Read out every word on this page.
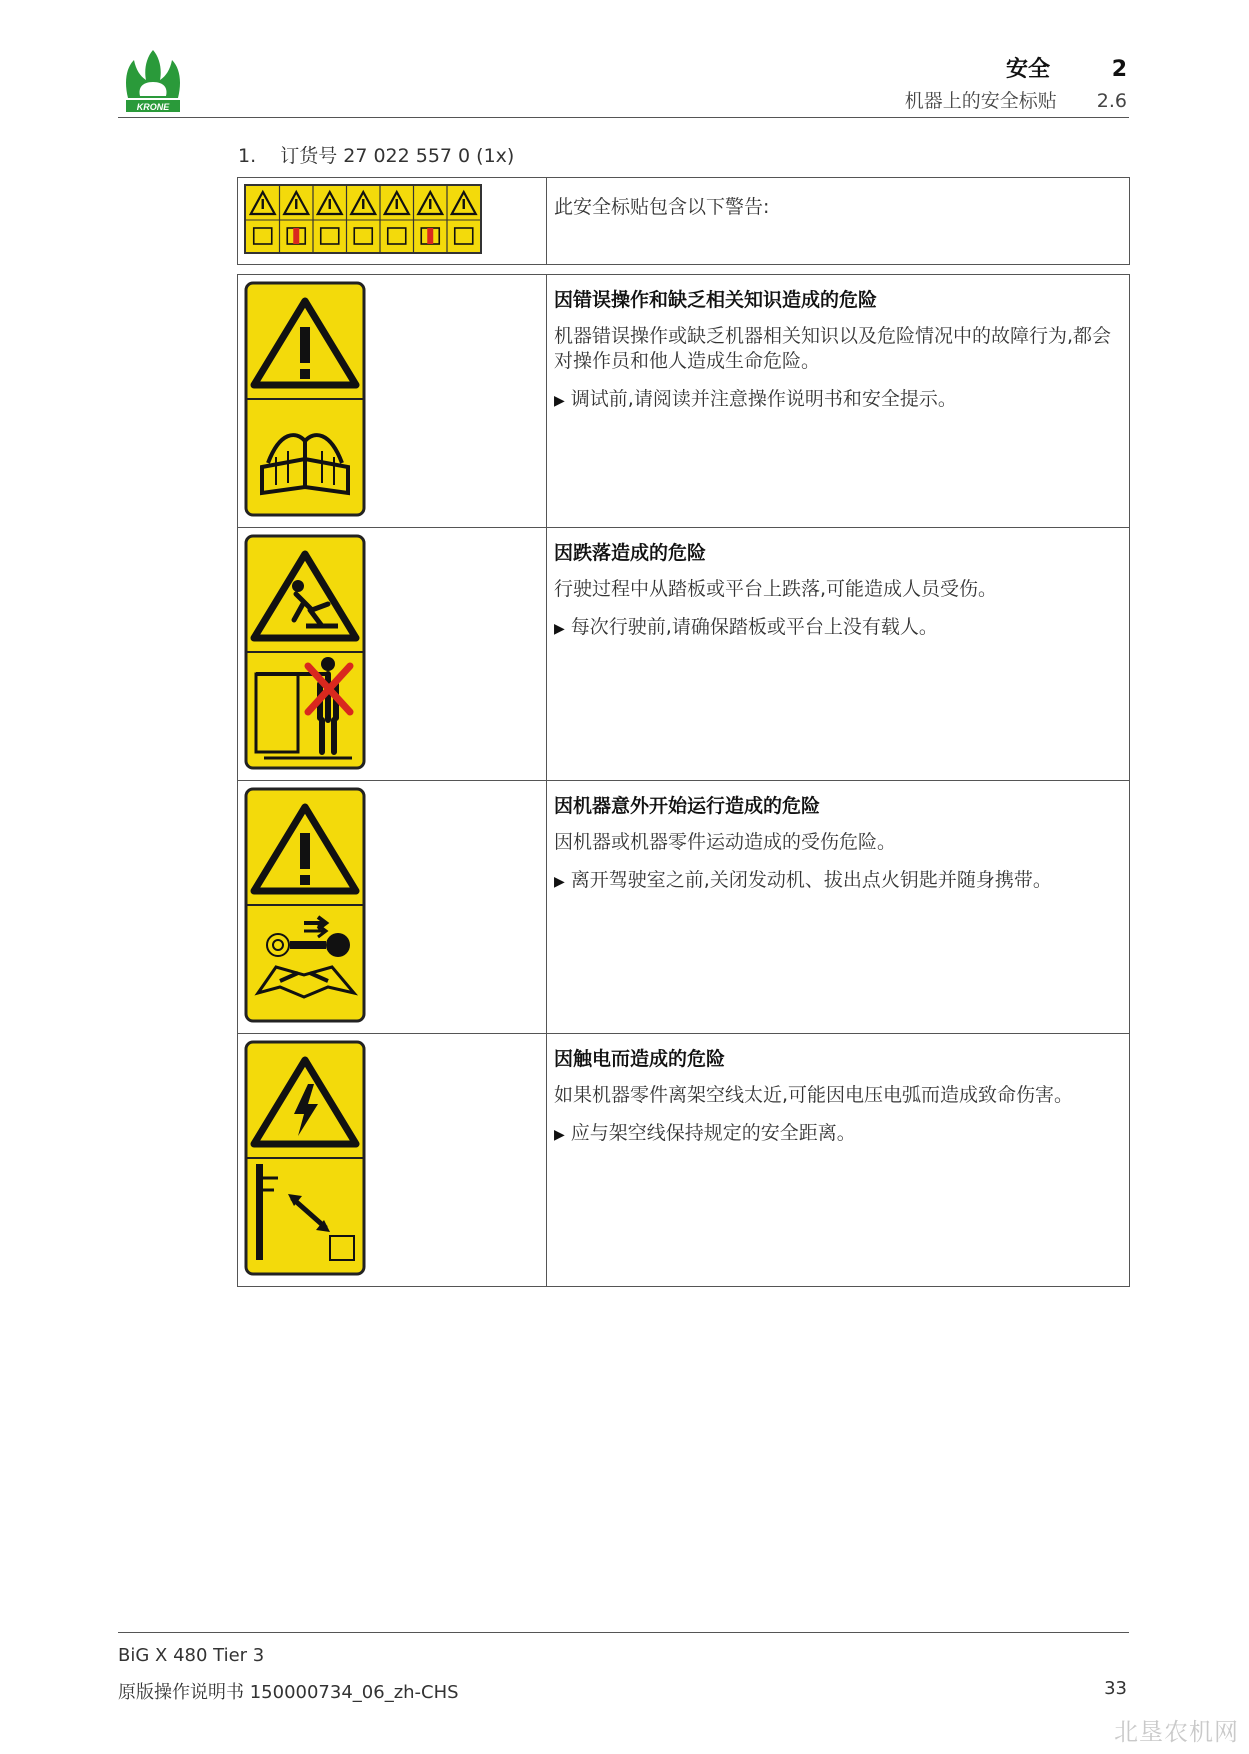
KRONE
安全	2
机器上的安全标贴 2.6
1. 订货号 27 022 557 0 (1x)

此安全标贴包含以下警告:

因错误操作和缺乏相关知识造成的危险
机器错误操作或缺乏机器相关知识以及危险情况中的故障行为,都会对操作员和他人造成生命危险。
▶ 调试前,请阅读并注意操作说明书和安全提示。

因跌落造成的危险
行驶过程中从踏板或平台上跌落,可能造成人员受伤。
▶ 每次行驶前,请确保踏板或平台上没有载人。

因机器意外开始运行造成的危险
因机器或机器零件运动造成的受伤危险。
▶ 离开驾驶室之前,关闭发动机、拔出点火钥匙并随身携带。

因触电而造成的危险
如果机器零件离架空线太近,可能因电压电弧而造成致命伤害。
▶ 应与架空线保持规定的安全距离。
BiG X 480 Tier 3
原版操作说明书 150000734_06_zh-CHS	33
北垦农机网
